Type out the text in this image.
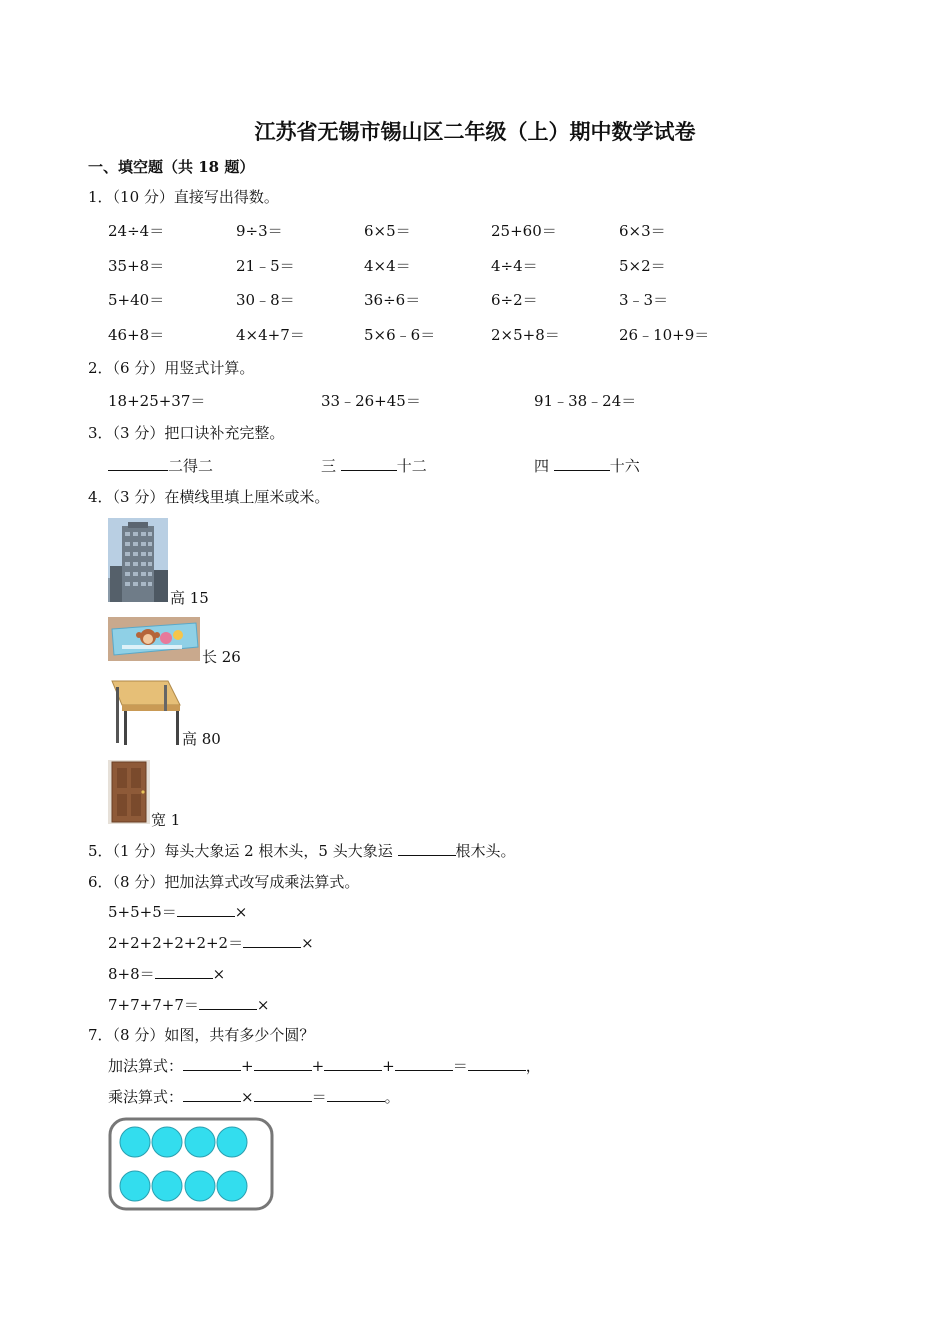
江苏省无锡市锡山区二年级（上）期中数学试卷
一、填空题（共 18 题）
1．（10 分）直接写出得数。
24÷4＝	9÷3＝	6×5＝	25+60＝	6×3＝
35+8＝	21﹣5＝	4×4＝	4÷4＝	5×2＝
5+40＝	30﹣8＝	36÷6＝	6÷2＝	3﹣3＝
46+8＝	4×4+7＝	5×6﹣6＝	2×5+8＝	26﹣10+9＝
2．（6 分）用竖式计算。
18+25+37＝	33﹣26+45＝	91﹣38﹣24＝
3．（3 分）把口诀补充完整。
二得二	三	十二	四	十六
4．（3 分）在横线里填上厘米或米。
高 15
长 26
高 80
宽 1
5．（1 分）每头大象运 2 根木头，5 头大象运	根木头。
6．（8 分）把加法算式改写成乘法算式。
5+5+5＝	×
2+2+2+2+2+2＝	×
8+8＝	×
7+7+7+7＝	×
7．（8 分）如图，共有多少个圆？
加法算式：	+	+	+	＝	，
乘法算式：	×	＝	。
